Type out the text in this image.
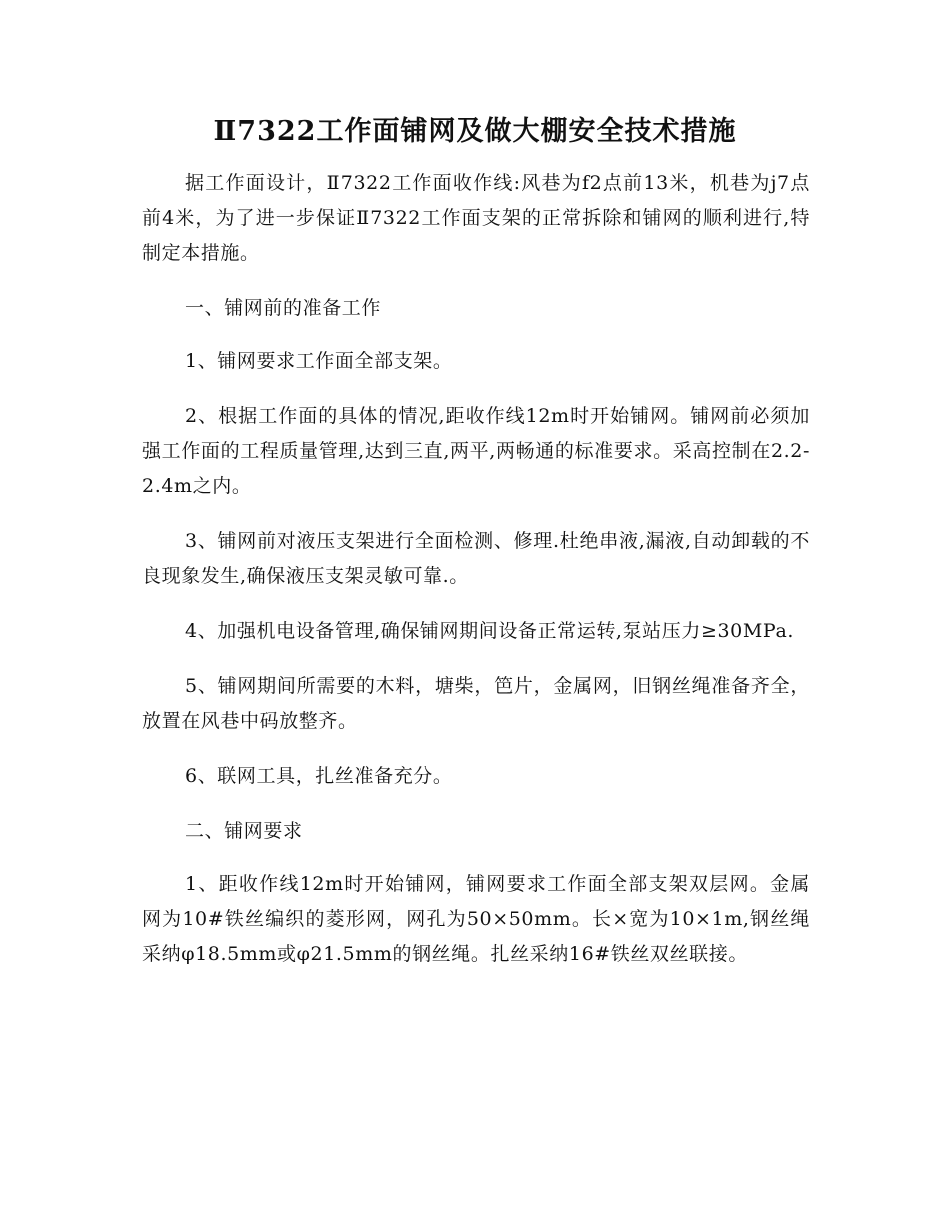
Ⅱ7322工作面铺网及做大棚安全技术措施

据工作面设计，Ⅱ7322工作面收作线:风巷为f2点前13米，机巷为j7点前4米，为了进一步保证Ⅱ7322工作面支架的正常拆除和铺网的顺利进行,特制定本措施。

一、铺网前的准备工作

1、铺网要求工作面全部支架。

2、根据工作面的具体的情况,距收作线12m时开始铺网。铺网前必须加强工作面的工程质量管理,达到三直,两平,两畅通的标准要求。采高控制在2.2-2.4m之内。

3、铺网前对液压支架进行全面检测、修理.杜绝串液,漏液,自动卸载的不良现象发生,确保液压支架灵敏可靠.。

4、加强机电设备管理,确保铺网期间设备正常运转,泵站压力≥30MPa.

5、铺网期间所需要的木料，塘柴，笆片，金属网，旧钢丝绳准备齐全，放置在风巷中码放整齐。

6、联网工具，扎丝准备充分。

二、铺网要求

1、距收作线12m时开始铺网，铺网要求工作面全部支架双层网。金属网为10#铁丝编织的菱形网，网孔为50×50mm。长×宽为10×1m,钢丝绳采纳φ18.5mm或φ21.5mm的钢丝绳。扎丝采纳16#铁丝双丝联接。
